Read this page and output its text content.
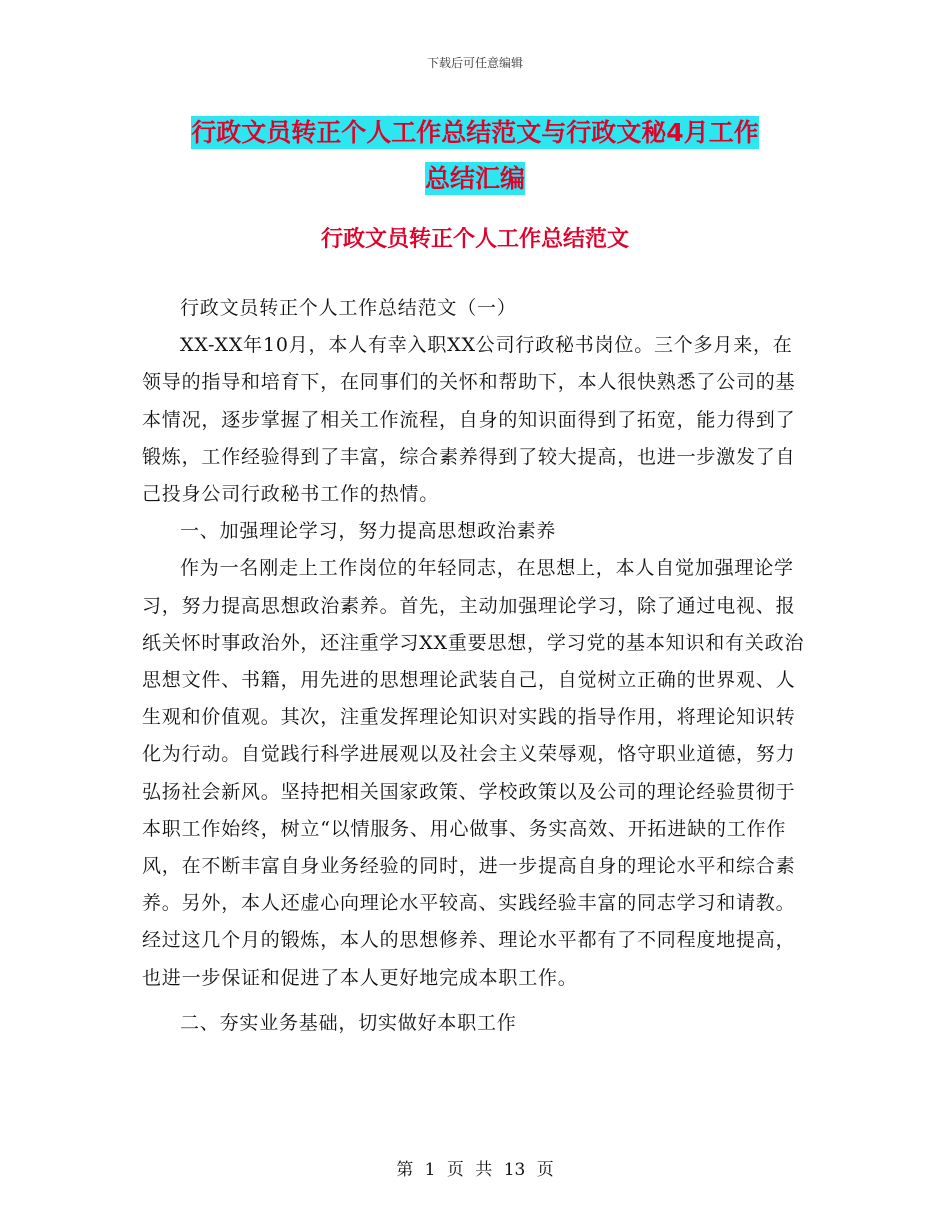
下载后可任意编辑
行政文员转正个人工作总结范文与行政文秘4月工作
总结汇编
行政文员转正个人工作总结范文

行政文员转正个人工作总结范文（一）

XX-XX年10月，本人有幸入职XX公司行政秘书岗位。三个多月来，在领导的指导和培育下，在同事们的关怀和帮助下，本人很快熟悉了公司的基本情况，逐步掌握了相关工作流程，自身的知识面得到了拓宽，能力得到了锻炼，工作经验得到了丰富，综合素养得到了较大提高，也进一步激发了自己投身公司行政秘书工作的热情。

一、加强理论学习，努力提高思想政治素养

作为一名刚走上工作岗位的年轻同志，在思想上，本人自觉加强理论学习，努力提高思想政治素养。首先，主动加强理论学习，除了通过电视、报纸关怀时事政治外，还注重学习XX重要思想，学习党的基本知识和有关政治思想文件、书籍，用先进的思想理论武装自己，自觉树立正确的世界观、人生观和价值观。其次，注重发挥理论知识对实践的指导作用，将理论知识转化为行动。自觉践行科学进展观以及社会主义荣辱观，恪守职业道德，努力弘扬社会新风。坚持把相关国家政策、学校政策以及公司的理论经验贯彻于本职工作始终，树立“以情服务、用心做事、务实高效、开拓进缺的工作作风，在不断丰富自身业务经验的同时，进一步提高自身的理论水平和综合素养。另外，本人还虚心向理论水平较高、实践经验丰富的同志学习和请教。经过这几个月的锻炼，本人的思想修养、理论水平都有了不同程度地提高，也进一步保证和促进了本人更好地完成本职工作。

二、夯实业务基础，切实做好本职工作

第 1 页 共 13 页
